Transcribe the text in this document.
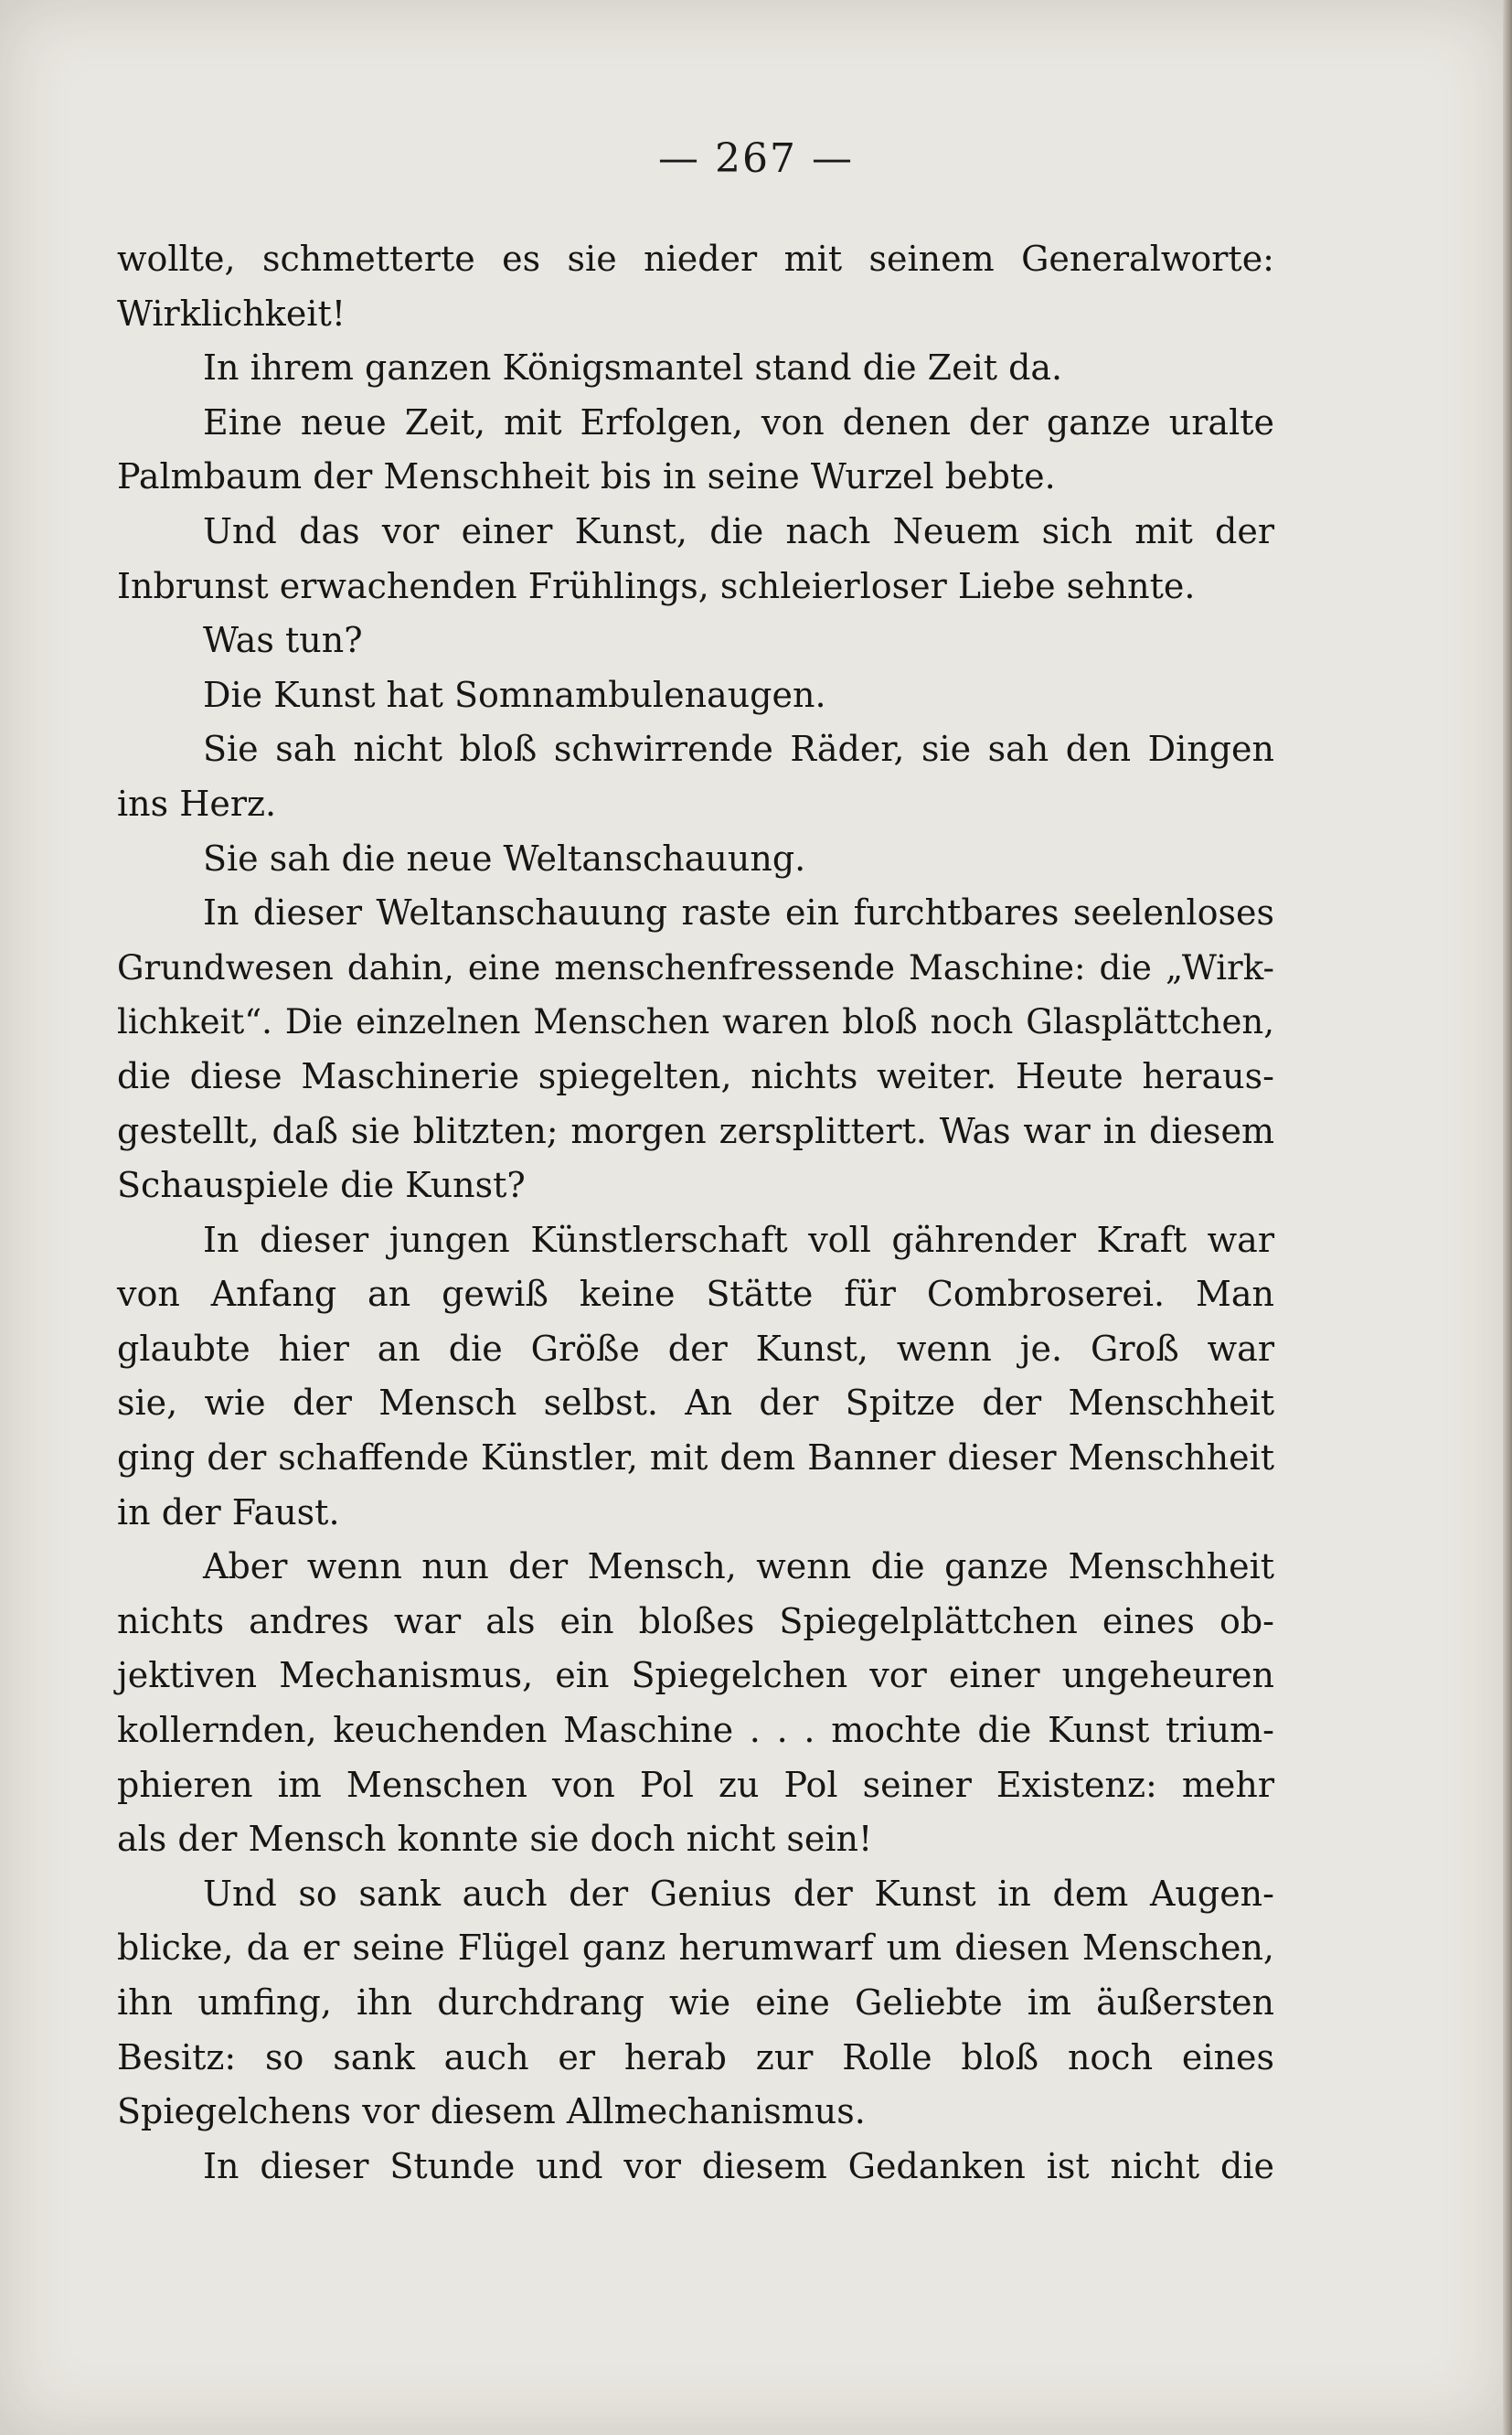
— 267 —
wollte, schmetterte es sie nieder mit seinem Generalworte:
Wirklichkeit!
In ihrem ganzen Königsmantel stand die Zeit da.
Eine neue Zeit, mit Erfolgen, von denen der ganze uralte
Palmbaum der Menschheit bis in seine Wurzel bebte.
Und das vor einer Kunst, die nach Neuem sich mit der
Inbrunst erwachenden Frühlings, schleierloser Liebe sehnte.
Was tun?
Die Kunst hat Somnambulenaugen.
Sie sah nicht bloß schwirrende Räder, sie sah den Dingen
ins Herz.
Sie sah die neue Weltanschauung.
In dieser Weltanschauung raste ein furchtbares seelenloses
Grundwesen dahin, eine menschenfressende Maschine: die „Wirk-
lichkeit“. Die einzelnen Menschen waren bloß noch Glasplättchen,
die diese Maschinerie spiegelten, nichts weiter. Heute heraus-
gestellt, daß sie blitzten; morgen zersplittert. Was war in diesem
Schauspiele die Kunst?
In dieser jungen Künstlerschaft voll gährender Kraft war
von Anfang an gewiß keine Stätte für Combroserei. Man
glaubte hier an die Größe der Kunst, wenn je. Groß war
sie, wie der Mensch selbst. An der Spitze der Menschheit
ging der schaffende Künstler, mit dem Banner dieser Menschheit
in der Faust.
Aber wenn nun der Mensch, wenn die ganze Menschheit
nichts andres war als ein bloßes Spiegelplättchen eines ob-
jektiven Mechanismus, ein Spiegelchen vor einer ungeheuren
kollernden, keuchenden Maschine . . . mochte die Kunst trium-
phieren im Menschen von Pol zu Pol seiner Existenz: mehr
als der Mensch konnte sie doch nicht sein!
Und so sank auch der Genius der Kunst in dem Augen-
blicke, da er seine Flügel ganz herumwarf um diesen Menschen,
ihn umfing, ihn durchdrang wie eine Geliebte im äußersten
Besitz: so sank auch er herab zur Rolle bloß noch eines
Spiegelchens vor diesem Allmechanismus.
In dieser Stunde und vor diesem Gedanken ist nicht die
